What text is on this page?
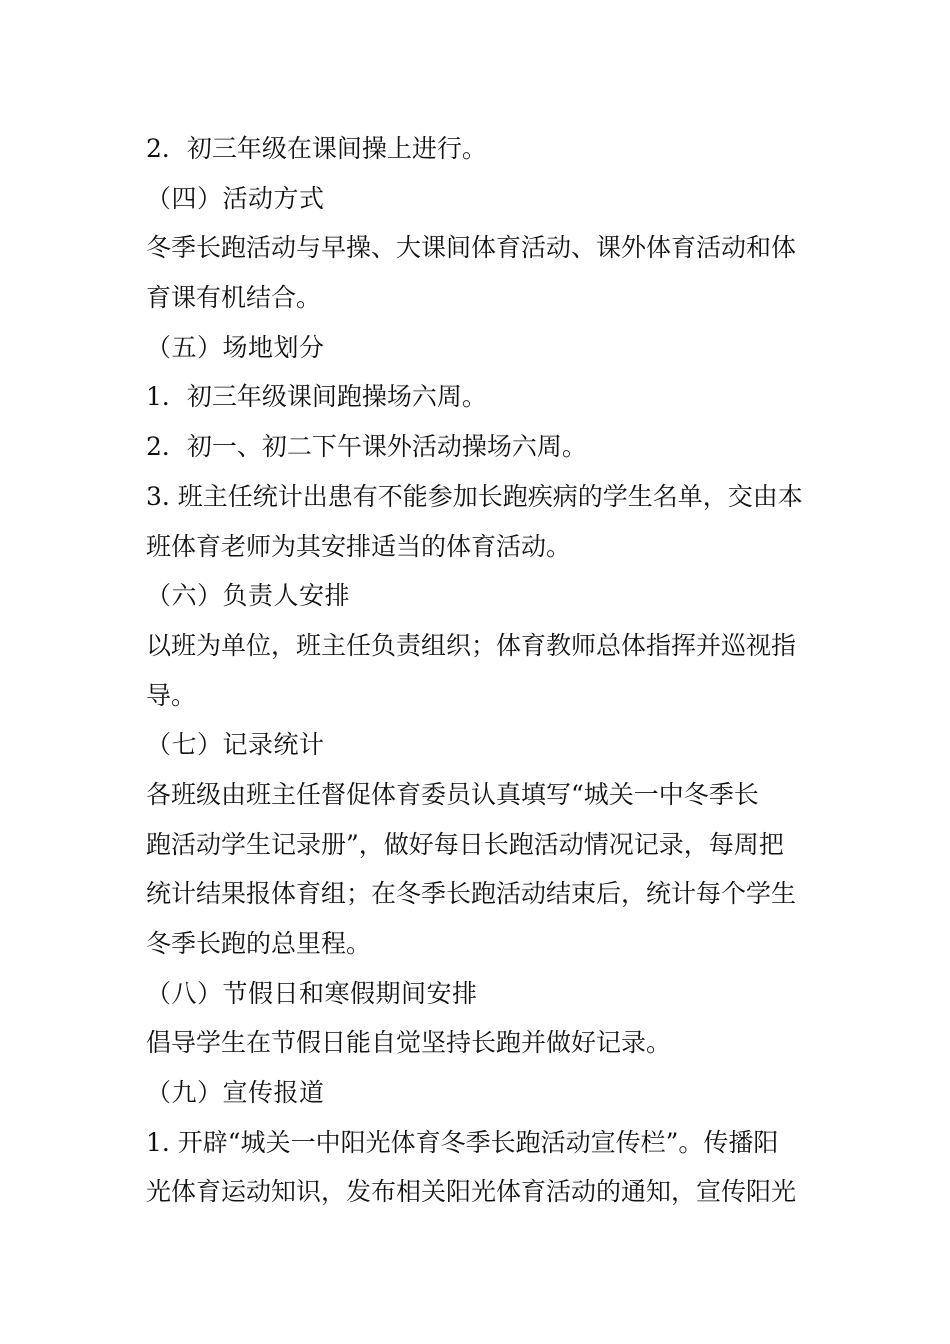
2．初三年级在课间操上进行。
（四）活动方式
冬季长跑活动与早操、大课间体育活动、课外体育活动和体
育课有机结合。
（五）场地划分
1．初三年级课间跑操场六周。
2．初一、初二下午课外活动操场六周。
3. 班主任统计出患有不能参加长跑疾病的学生名单，交由本
班体育老师为其安排适当的体育活动。
（六）负责人安排
以班为单位，班主任负责组织；体育教师总体指挥并巡视指
导。
（七）记录统计
各班级由班主任督促体育委员认真填写“城关一中冬季长
跑活动学生记录册”，做好每日长跑活动情况记录，每周把
统计结果报体育组；在冬季长跑活动结束后，统计每个学生
冬季长跑的总里程。
（八）节假日和寒假期间安排
倡导学生在节假日能自觉坚持长跑并做好记录。
（九）宣传报道
1. 开辟“城关一中阳光体育冬季长跑活动宣传栏”。传播阳
光体育运动知识，发布相关阳光体育活动的通知，宣传阳光
